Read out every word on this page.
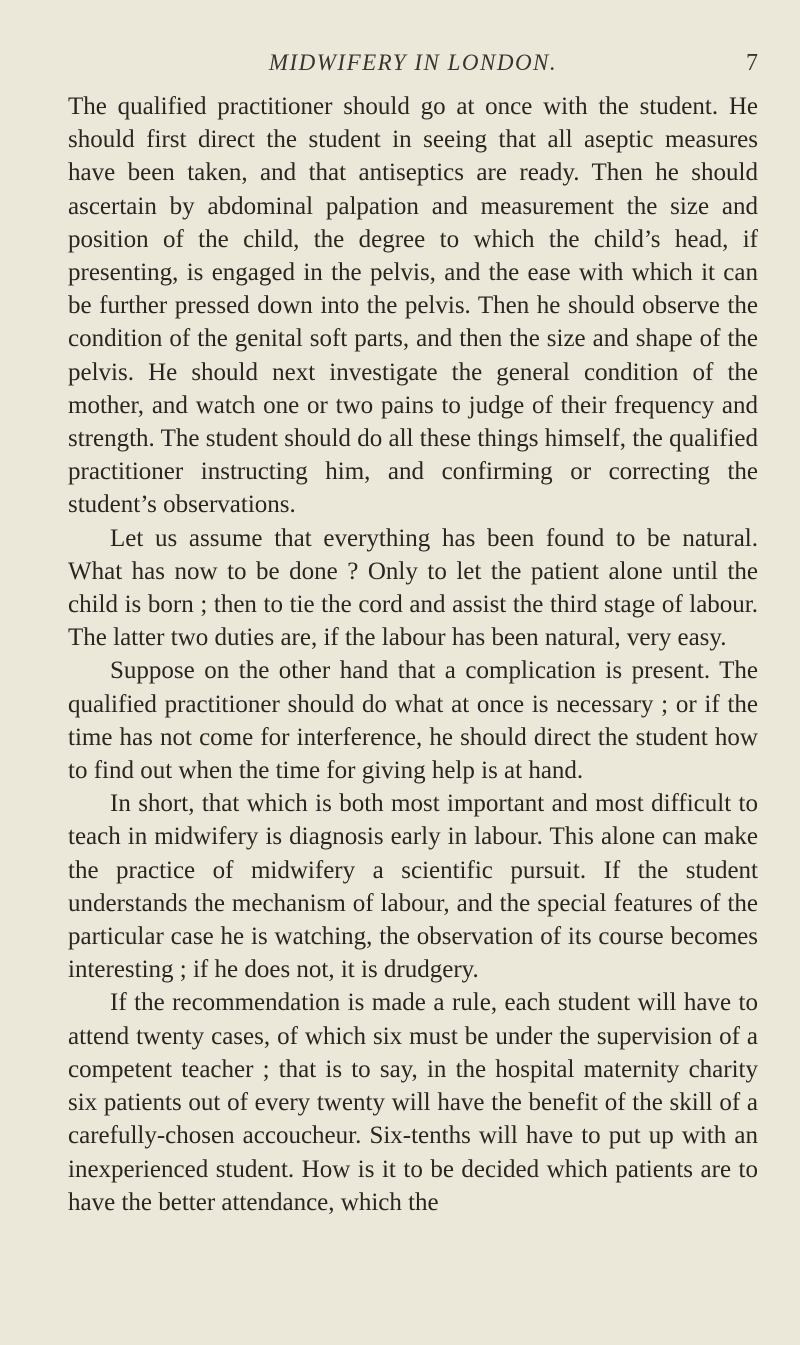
MIDWIFERY IN LONDON.	7

The qualified practitioner should go at once with the student. He should first direct the student in seeing that all aseptic measures have been taken, and that antiseptics are ready. Then he should ascertain by abdominal palpation and measurement the size and position of the child, the degree to which the child’s head, if presenting, is engaged in the pelvis, and the ease with which it can be further pressed down into the pelvis. Then he should observe the condition of the genital soft parts, and then the size and shape of the pelvis. He should next investigate the general condition of the mother, and watch one or two pains to judge of their frequency and strength. The student should do all these things himself, the qualified practitioner instructing him, and confirming or correcting the student’s observations.

Let us assume that everything has been found to be natural. What has now to be done ? Only to let the patient alone until the child is born ; then to tie the cord and assist the third stage of labour. The latter two duties are, if the labour has been natural, very easy.

Suppose on the other hand that a complication is present. The qualified practitioner should do what at once is necessary ; or if the time has not come for interference, he should direct the student how to find out when the time for giving help is at hand.

In short, that which is both most important and most difficult to teach in midwifery is diagnosis early in labour. This alone can make the practice of midwifery a scientific pursuit. If the student understands the mechanism of labour, and the special features of the particular case he is watching, the observation of its course becomes interesting ; if he does not, it is drudgery.

If the recommendation is made a rule, each student will have to attend twenty cases, of which six must be under the supervision of a competent teacher ; that is to say, in the hospital maternity charity six patients out of every twenty will have the benefit of the skill of a carefully-chosen accoucheur. Six-tenths will have to put up with an inexperienced student. How is it to be decided which patients are to have the better attendance, which the
